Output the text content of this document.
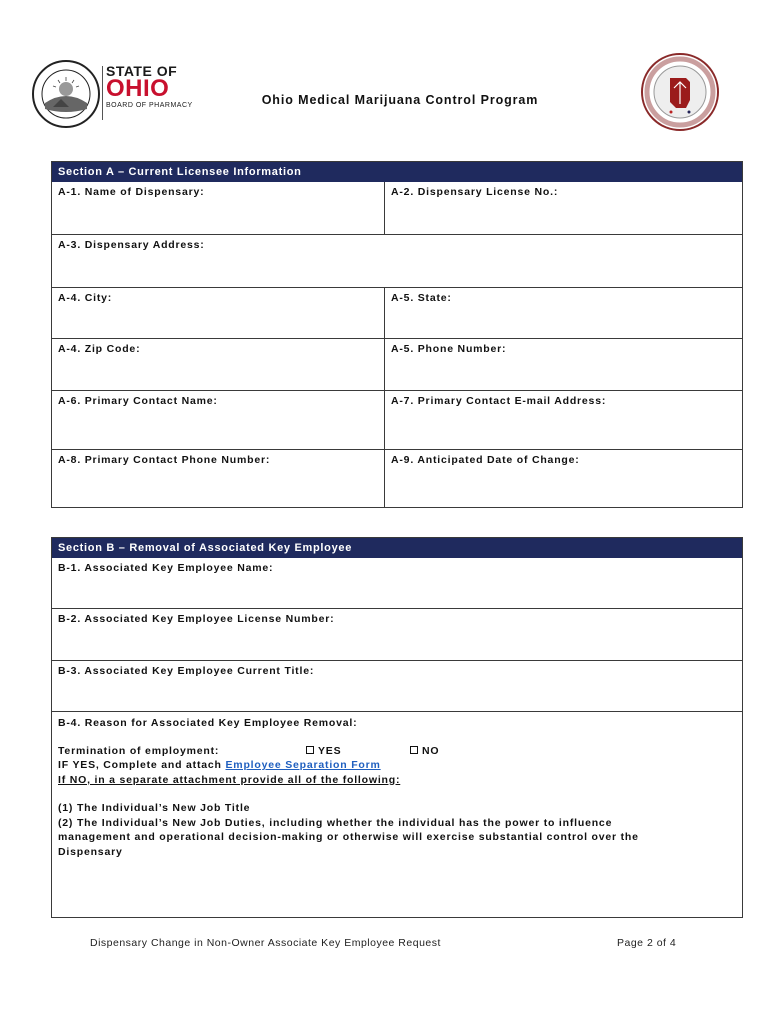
STATE OF
OHIO
BOARD OF PHARMACY	Ohio Medical Marijuana Control Program
Section A – Current Licensee Information
A-1. Name of Dispensary:	A-2. Dispensary License No.:
A-3. Dispensary Address:
A-4. City:	A-5. State:
A-4. Zip Code:	A-5. Phone Number:
A-6. Primary Contact Name:	A-7. Primary Contact E-mail Address:
A-8. Primary Contact Phone Number:	A-9. Anticipated Date of Change:
Section B – Removal of Associated Key Employee
B-1. Associated Key Employee Name:
B-2. Associated Key Employee License Number:
B-3. Associated Key Employee Current Title:
B-4. Reason for Associated Key Employee Removal:
Termination of employment:	YES	NO
IF YES, Complete and attach Employee Separation Form
If NO, in a separate attachment provide all of the following:
(1) The Individual’s New Job Title
(2) The Individual’s New Job Duties, including whether the individual has the power to influence
management and operational decision-making or otherwise will exercise substantial control over the
Dispensary
Dispensary Change in Non-Owner Associate Key Employee Request	Page 2 of 4
